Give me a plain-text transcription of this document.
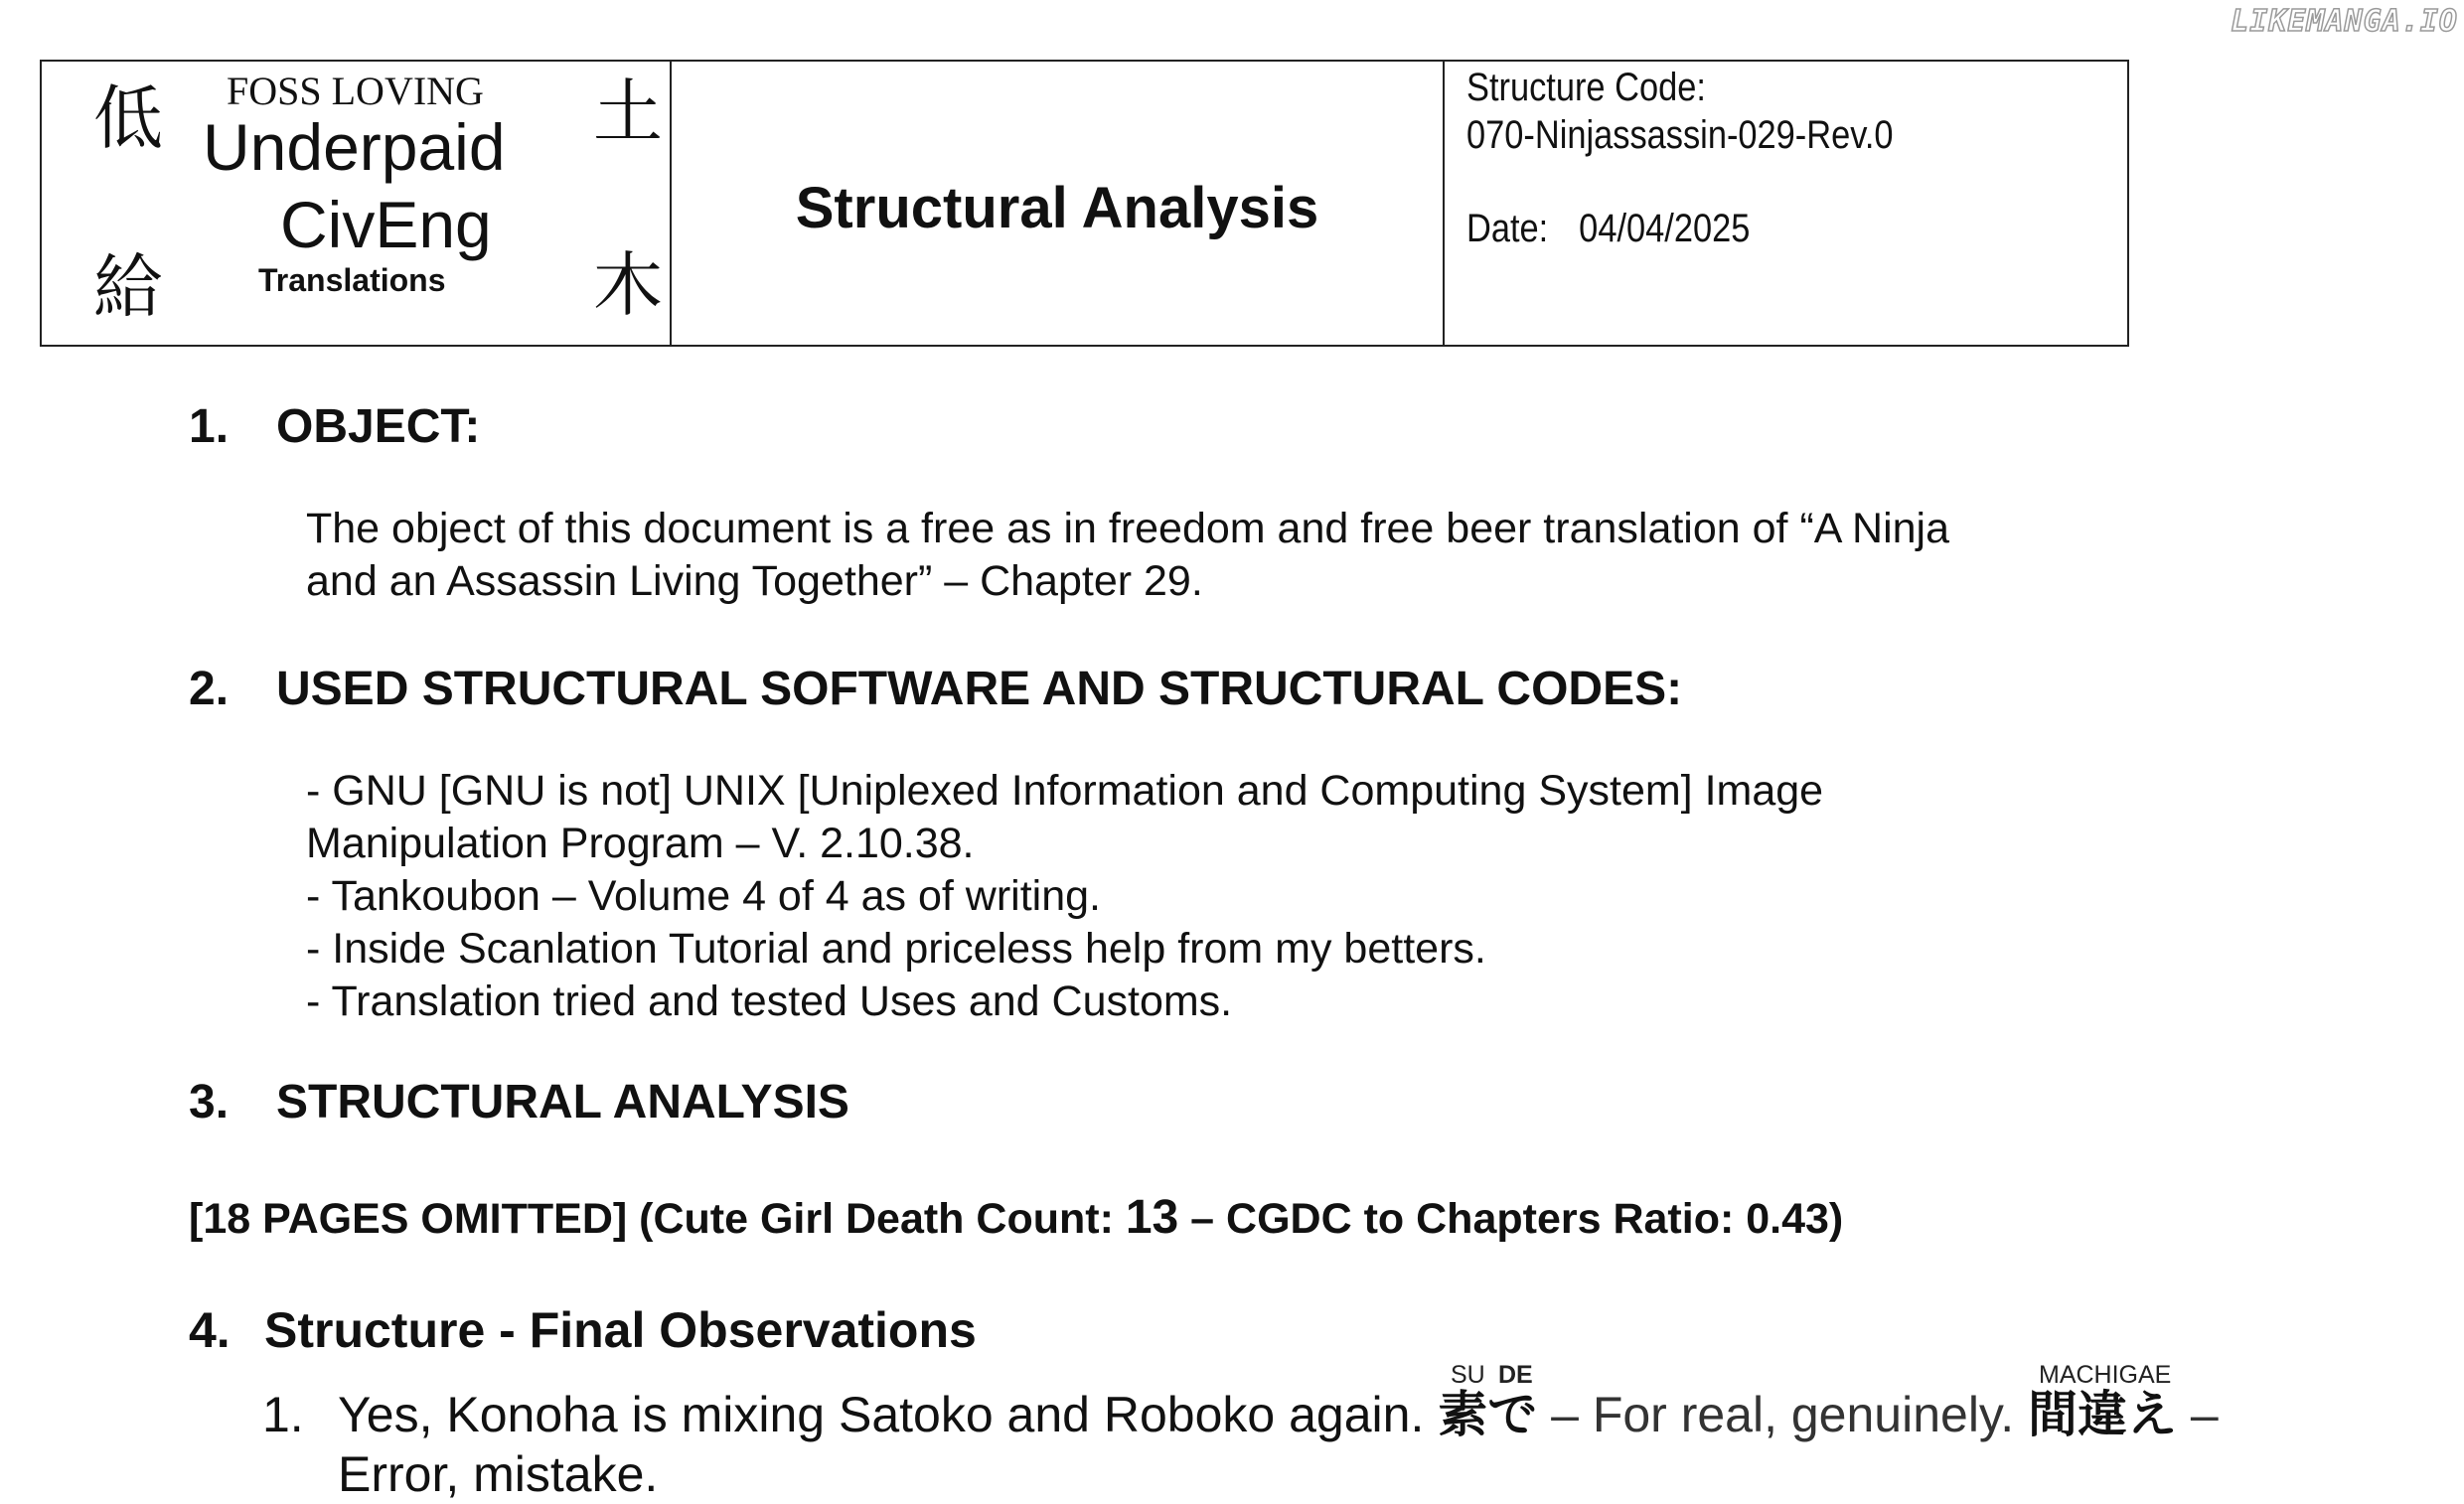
LIKEMANGA.IO
低
給
土
木
FOSS LOVING
Underpaid
CivEng
Translations
Structural Analysis
Structure Code:
070-Ninjassassin-029-Rev.0
Date: 04/04/2025
1. OBJECT:
The object of this document is a free as in freedom and free beer translation of “A Ninja
and an Assassin Living Together” – Chapter 29.
2. USED STRUCTURAL SOFTWARE AND STRUCTURAL CODES:
- GNU [GNU is not] UNIX [Uniplexed Information and Computing System] Image
Manipulation Program – V. 2.10.38.
- Tankoubon – Volume 4 of 4 as of writing.
- Inside Scanlation Tutorial and priceless help from my betters.
- Translation tried and tested Uses and Customs.
3. STRUCTURAL ANALYSIS
[18 PAGES OMITTED] (Cute Girl Death Count: 13 – CGDC to Chapters Ratio: 0.43)
4. Structure - Final Observations
SU DE	MACHIGAE
1. Yes, Konoha is mixing Satoko and Roboko again. 素で – For real, genuinely. 間違え –
Error, mistake.
